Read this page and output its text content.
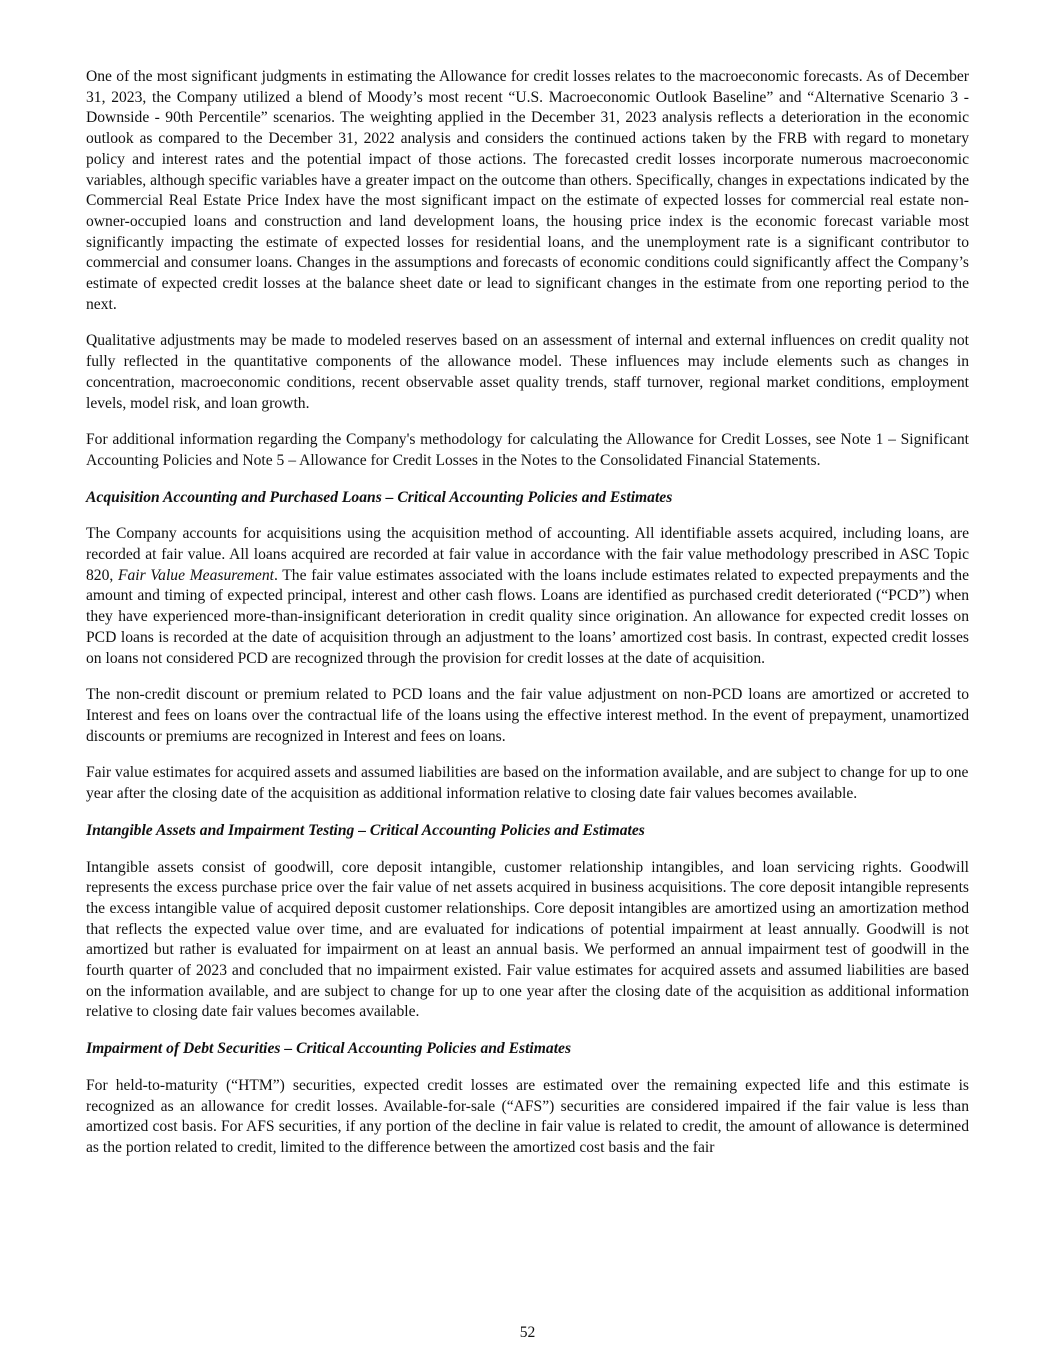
One of the most significant judgments in estimating the Allowance for credit losses relates to the macroeconomic forecasts. As of December 31, 2023, the Company utilized a blend of Moody’s most recent “U.S. Macroeconomic Outlook Baseline” and “Alternative Scenario 3 - Downside - 90th Percentile” scenarios. The weighting applied in the December 31, 2023 analysis reflects a deterioration in the economic outlook as compared to the December 31, 2022 analysis and considers the continued actions taken by the FRB with regard to monetary policy and interest rates and the potential impact of those actions. The forecasted credit losses incorporate numerous macroeconomic variables, although specific variables have a greater impact on the outcome than others. Specifically, changes in expectations indicated by the Commercial Real Estate Price Index have the most significant impact on the estimate of expected losses for commercial real estate non-owner-occupied loans and construction and land development loans, the housing price index is the economic forecast variable most significantly impacting the estimate of expected losses for residential loans, and the unemployment rate is a significant contributor to commercial and consumer loans. Changes in the assumptions and forecasts of economic conditions could significantly affect the Company’s estimate of expected credit losses at the balance sheet date or lead to significant changes in the estimate from one reporting period to the next.

Qualitative adjustments may be made to modeled reserves based on an assessment of internal and external influences on credit quality not fully reflected in the quantitative components of the allowance model. These influences may include elements such as changes in concentration, macroeconomic conditions, recent observable asset quality trends, staff turnover, regional market conditions, employment levels, model risk, and loan growth.

For additional information regarding the Company's methodology for calculating the Allowance for Credit Losses, see Note 1 – Significant Accounting Policies and Note 5 – Allowance for Credit Losses in the Notes to the Consolidated Financial Statements.

Acquisition Accounting and Purchased Loans – Critical Accounting Policies and Estimates

The Company accounts for acquisitions using the acquisition method of accounting. All identifiable assets acquired, including loans, are recorded at fair value. All loans acquired are recorded at fair value in accordance with the fair value methodology prescribed in ASC Topic 820, Fair Value Measurement. The fair value estimates associated with the loans include estimates related to expected prepayments and the amount and timing of expected principal, interest and other cash flows. Loans are identified as purchased credit deteriorated (“PCD”) when they have experienced more-than-insignificant deterioration in credit quality since origination. An allowance for expected credit losses on PCD loans is recorded at the date of acquisition through an adjustment to the loans’ amortized cost basis. In contrast, expected credit losses on loans not considered PCD are recognized through the provision for credit losses at the date of acquisition.

The non-credit discount or premium related to PCD loans and the fair value adjustment on non-PCD loans are amortized or accreted to Interest and fees on loans over the contractual life of the loans using the effective interest method. In the event of prepayment, unamortized discounts or premiums are recognized in Interest and fees on loans.

Fair value estimates for acquired assets and assumed liabilities are based on the information available, and are subject to change for up to one year after the closing date of the acquisition as additional information relative to closing date fair values becomes available.

Intangible Assets and Impairment Testing – Critical Accounting Policies and Estimates

Intangible assets consist of goodwill, core deposit intangible, customer relationship intangibles, and loan servicing rights. Goodwill represents the excess purchase price over the fair value of net assets acquired in business acquisitions. The core deposit intangible represents the excess intangible value of acquired deposit customer relationships. Core deposit intangibles are amortized using an amortization method that reflects the expected value over time, and are evaluated for indications of potential impairment at least annually. Goodwill is not amortized but rather is evaluated for impairment on at least an annual basis. We performed an annual impairment test of goodwill in the fourth quarter of 2023 and concluded that no impairment existed. Fair value estimates for acquired assets and assumed liabilities are based on the information available, and are subject to change for up to one year after the closing date of the acquisition as additional information relative to closing date fair values becomes available.

Impairment of Debt Securities – Critical Accounting Policies and Estimates

For held-to-maturity (“HTM”) securities, expected credit losses are estimated over the remaining expected life and this estimate is recognized as an allowance for credit losses. Available-for-sale (“AFS”) securities are considered impaired if the fair value is less than amortized cost basis. For AFS securities, if any portion of the decline in fair value is related to credit, the amount of allowance is determined as the portion related to credit, limited to the difference between the amortized cost basis and the fair

52
